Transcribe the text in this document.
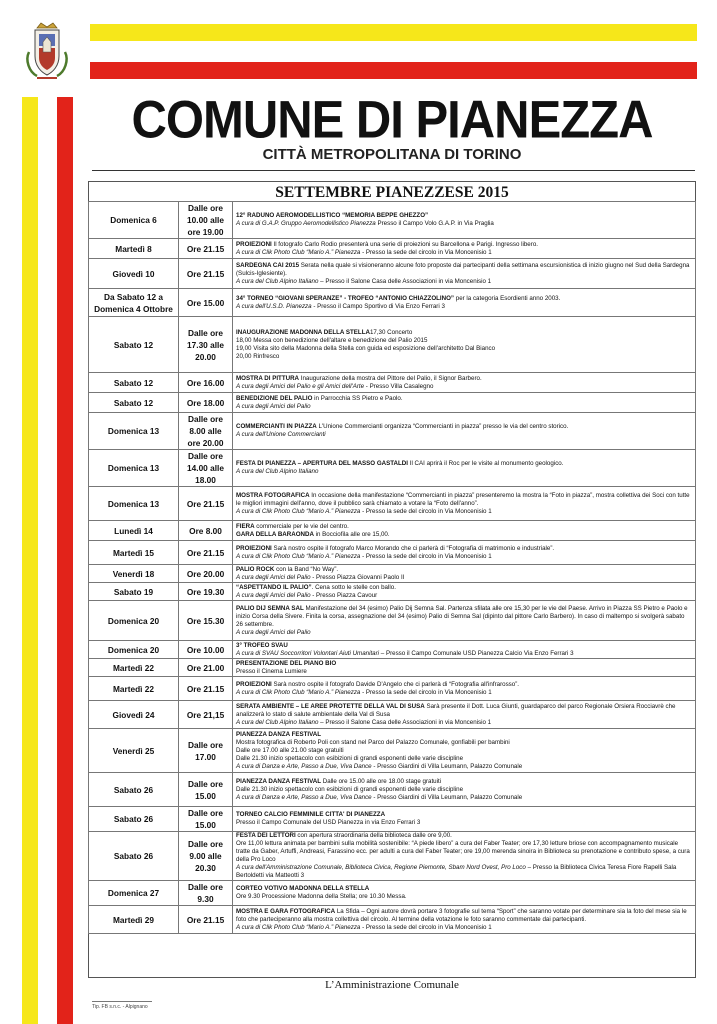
COMUNE DI PIANEZZA
CITTÀ METROPOLITANA DI TORINO
SETTEMBRE PIANEZZESE 2015
Domenica 6	Dalle ore 10.00 alle ore 19.00	12° RADUNO AEROMODELLISTICO “MEMORIA BEPPE GHEZZO”
A cura di G.A.P. Gruppo Aeromodellistico Pianezza Presso il Campo Volo G.A.P. in Via Praglia
Martedì 8	Ore 21.15	PROIEZIONI Il fotografo Carlo Rodio presenterà una serie di proiezioni su Barcellona e Parigi. Ingresso libero.
A cura di Clik Photo Club “Mario A.” Pianezza - Presso la sede del circolo in Via Moncenisio 1
Giovedì 10	Ore 21.15	SARDEGNA CAI 2015 Serata nella quale si visioneranno alcune foto proposte dai partecipanti della settimana escursionistica di inizio giugno nel Sud della Sardegna (Sulcis-Iglesiente).
A cura del Club Alpino Italiano – Presso il Salone Casa delle Associazioni in via Moncenisio 1
Da Sabato 12 a Domenica 4 Ottobre	Ore 15.00	34° TORNEO “GIOVANI SPERANZE” - TROFEO “ANTONIO CHIAZZOLINO” per la categoria Esordienti anno 2003.
A cura dell'U.S.D. Pianezza - Presso il Campo Sportivo di Via Enzo Ferrari 3
Sabato 12	Dalle ore 17.30 alle 20.00	INAUGURAZIONE MADONNA DELLA STELLA17,30 Concerto
18,00 Messa con benedizione dell'altare e benedizione del Palio 2015
19,00 Visita sito della Madonna della Stella con guida ed esposizione dell'architetto Dal Bianco
20,00 Rinfresco
Sabato 12	Ore 16.00	MOSTRA DI PITTURA Inaugurazione della mostra del Pittore del Palio, il Signor Barbero.
A cura degli Amici del Palio e gli Amici dell'Arte - Presso Villa Casalegno
Sabato 12	Ore 18.00	BENEDIZIONE DEL PALIO in Parrocchia SS Pietro e Paolo.
A cura degli Amici del Palio
Domenica 13	Dalle ore 8.00 alle ore 20.00	COMMERCIANTI IN PIAZZA L'Unione Commercianti organizza “Commercianti in piazza” presso le via del centro storico.
A cura dell'Unione Commercianti
Domenica 13	Dalle ore 14.00 alle 18.00	FESTA DI PIANEZZA – APERTURA DEL MASSO GASTALDI Il CAI aprirà il Roc per le visite al monumento geologico.
A cura del Club Alpino Italiano
Domenica 13	Ore 21.15	MOSTRA FOTOGRAFICA In occasione della manifestazione “Commercianti in piazza” presenteremo la mostra la “Foto in piazza”, mostra collettiva dei Soci con tutte le migliori immagini dell'anno, dove il pubblico sarà chiamato a votare la “Foto dell'anno”.
A cura di Clik Photo Club “Mario A.” Pianezza - Presso la sede del circolo in Via Moncenisio 1
Lunedì 14	Ore 8.00	FIERA commerciale per le vie del centro.
GARA DELLA BARAONDA in Bocciofila alle ore 15,00.
Martedì 15	Ore 21.15	PROIEZIONI Sarà nostro ospite il fotografo Marco Morando che ci parlerà di “Fotografia di matrimonio e industriale”.
A cura di Clik Photo Club “Mario A.” Pianezza - Presso la sede del circolo in Via Moncenisio 1
Venerdì 18	Ore 20.00	PALIO ROCK con la Band “No Way”.
A cura degli Amici del Palio - Presso Piazza Giovanni Paolo II
Sabato 19	Ore 19.30	“ASPETTANDO IL PALIO”. Cena sotto le stelle con ballo.
A cura degli Amici del Palio - Presso Piazza Cavour
Domenica 20	Ore 15.30	PALIO DIJ SEMNA SAL Manifestazione del 34 (esimo) Palio Dij Semna Sal. Partenza sfilata alle ore 15,30 per le vie del Paese. Arrivo in Piazza SS Pietro e Paolo e inizio Corsa della Sivere. Finita la corsa, assegnazione del 34 (esimo) Palio di Semna Sal (dipinto dal pittore Carlo Barbero). In caso di maltempo si svolgerà sabato 26 settembre.
A cura degli Amici del Palio
Domenica 20	Ore 10.00	3° TROFEO SVAU
A cura di SVAU Soccorritori Volontari Aiuti Umanitari – Presso il Campo Comunale USD Pianezza Calcio Via Enzo Ferrari 3
Martedì 22	Ore 21.00	PRESENTAZIONE DEL PIANO BIO
Presso il Cinema Lumiere
Martedì 22	Ore 21.15	PROIEZIONI Sarà nostro ospite il fotografo Davide D'Angelo che ci parlerà di “Fotografia all'infrarosso”.
A cura di Clik Photo Club “Mario A.” Pianezza - Presso la sede del circolo in Via Moncenisio 1
Giovedì 24	Ore 21,15	SERATA AMBIENTE – LE AREE PROTETTE DELLA VAL DI SUSA Sarà presente il Dott. Luca Giunti, guardaparco del parco Regionale Orsiera Rocciavrè che analizzerà lo stato di salute ambientale della Val di Susa
A cura del Club Alpino Italiano – Presso il Salone Casa delle Associazioni in via Moncenisio 1
Venerdì 25	Dalle ore 17.00	PIANEZZA DANZA FESTIVAL
Mostra fotografica di Roberto Poli con stand nel Parco del Palazzo Comunale, gonfiabili per bambini
Dalle ore 17.00 alle 21.00 stage gratuiti
Dalle 21.30 inizio spettacolo con esibizioni di grandi esponenti delle varie discipline
A cura di Danza e Arte, Passo a Due, Viva Dance - Presso Giardini di Villa Leumann, Palazzo Comunale
Sabato 26	Dalle ore 15.00	PIANEZZA DANZA FESTIVAL Dalle ore 15.00 alle ore 18.00 stage gratuiti
Dalle 21.30 inizio spettacolo con esibizioni di grandi esponenti delle varie discipline
A cura di Danza e Arte, Passo a Due, Viva Dance - Presso Giardini di Villa Leumann, Palazzo Comunale
Sabato 26	Dalle ore 15.00	TORNEO CALCIO FEMMINILE CITTA' DI PIANEZZA
Presso il Campo Comunale del USD Pianezza in via Enzo Ferrari 3
Sabato 26	Dalle ore 9.00 alle 20.30	FESTA DEI LETTORI con apertura straordinaria della biblioteca dalle ore 9,00.
Ore 11,00 lettura animata per bambini sulla mobilità sostenibile: “A piede libero” a cura del Faber Teater; ore 17,30 letture briose con accompagnamento musicale tratte da Gaber, Artuffi, Andreasi, Farassino ecc. per adulti a cura del Faber Teater; ore 19,00 merenda sinoira in Biblioteca su prenotazione e contributo spese, a cura della Pro Loco
A cura dell'Amministrazione Comunale, Biblioteca Civica, Regione Piemonte, Sbam Nord Ovest, Pro Loco – Presso la Biblioteca Civica Teresa Fiore Rapelli Sala Bertoldetti via Matteotti 3
Domenica 27	Dalle ore 9.30	CORTEO VOTIVO MADONNA DELLA STELLA
Ore 9.30 Processione Madonna della Stella; ore 10.30 Messa.
Martedì 29	Ore 21.15	MOSTRA E GARA FOTOGRAFICA La Sfida – Ogni autore dovrà portare 3 fotografie sul tema “Sport” che saranno votate per determinare sia la foto del mese sia le foto che parteciperanno alla mostra collettiva del circolo. Al termine della votazione le foto saranno commentate dai partecipanti.
A cura di Clik Photo Club “Mario A.” Pianezza - Presso la sede del circolo in Via Moncenisio 1
L’Amministrazione Comunale
Tip. FB s.n.c. - Alpignano
